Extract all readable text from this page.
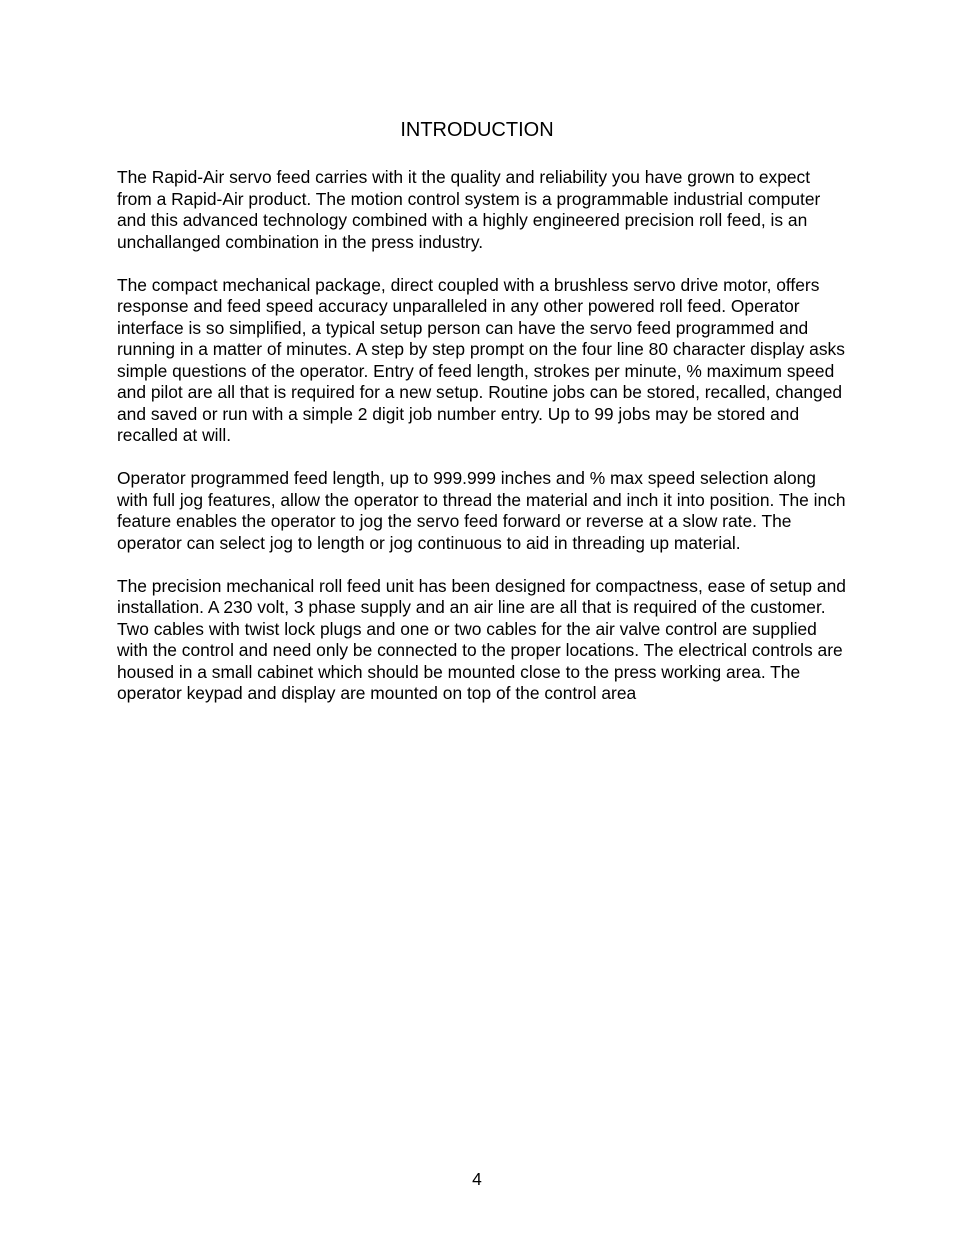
INTRODUCTION

The Rapid-Air servo feed carries with it the quality and reliability you have grown to expect from a Rapid-Air product. The motion control system is a programmable industrial computer and this advanced technology combined with a highly engineered precision roll feed, is an unchallanged combination in the press industry.

The compact mechanical package, direct coupled with a brushless servo drive motor, offers response and feed speed accuracy unparalleled in any other powered roll feed. Operator interface is so simplified, a typical setup person can have the servo feed programmed and running in a matter of minutes. A step by step prompt on the four line 80 character display asks simple questions of the operator. Entry of feed length, strokes per minute, % maximum speed and pilot are all that is required for a new setup. Routine jobs can be stored, recalled, changed and saved or run with a simple 2 digit job number entry. Up to 99 jobs may be stored and recalled at will.

Operator programmed feed length, up to 999.999 inches and % max speed selection along with full jog features, allow the operator to thread the material and inch it into position. The inch feature enables the operator to jog the servo feed forward or reverse at a slow rate. The operator can select jog to length or jog continuous to aid in threading up material.

The precision mechanical roll feed unit has been designed for compactness, ease of setup and installation. A 230 volt, 3 phase supply and an air line are all that is required of the customer. Two cables with twist lock plugs and one or two cables for the air valve control are supplied with the control and need only be connected to the proper locations. The electrical controls are housed in a small cabinet which should be mounted close to the press working area. The operator keypad and display are mounted on top of the control area

4
